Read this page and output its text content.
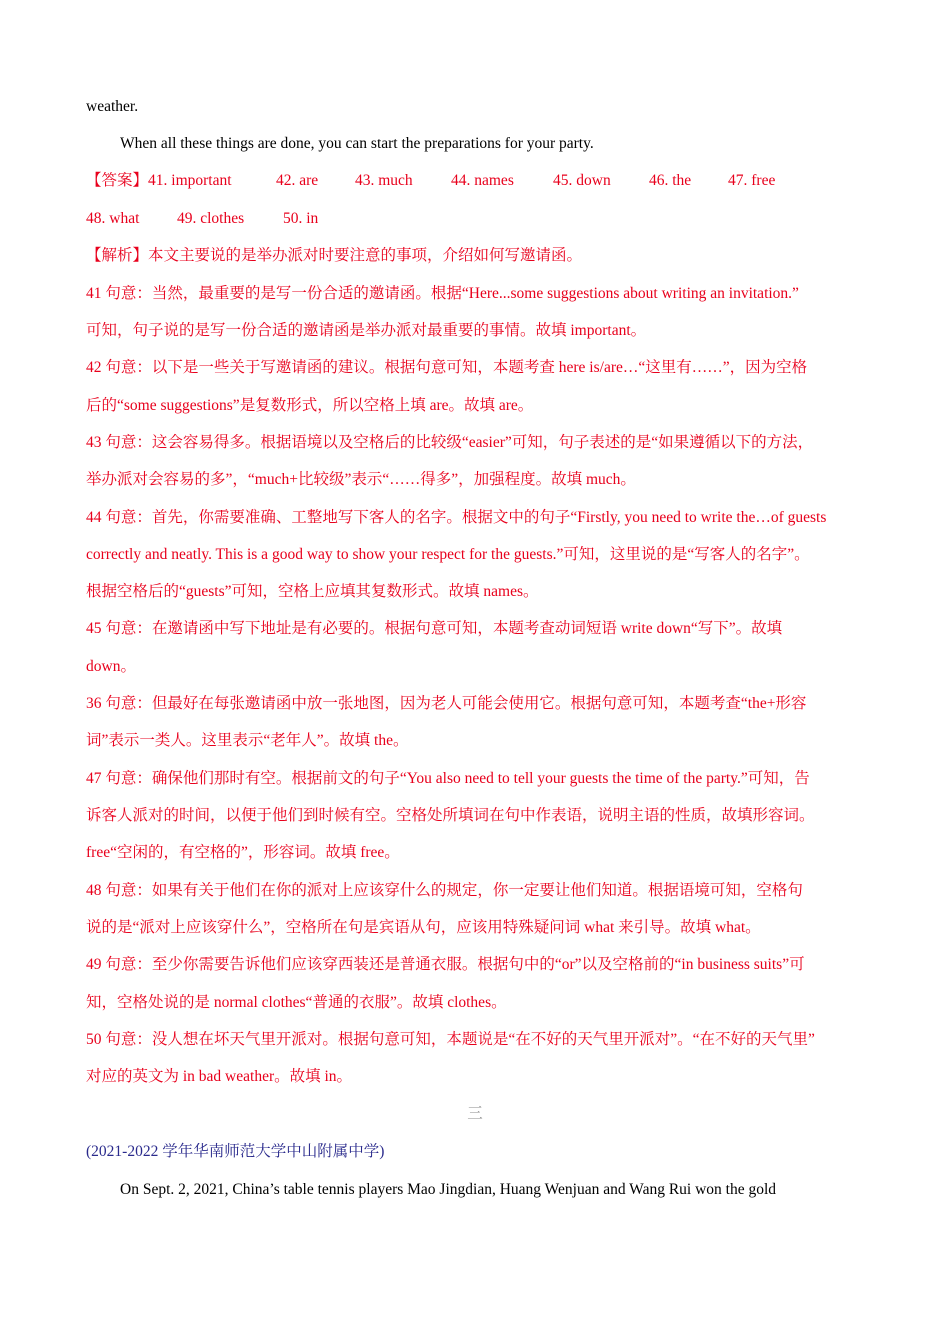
weather.
When all these things are done, you can start the preparations for your party.
【答案】41. important	42. are 43. much 44. names	45. down 46. the 47. free
48. what 49. clothes	50. in
【解析】本文主要说的是举办派对时要注意的事项，介绍如何写邀请函。
41 句意：当然，最重要的是写一份合适的邀请函。根据“Here...some suggestions about writing an invitation.”
可知，句子说的是写一份合适的邀请函是举办派对最重要的事情。故填 important。
42 句意：以下是一些关于写邀请函的建议。根据句意可知，本题考查 here is/are…“这里有……”，因为空格
后的“some suggestions”是复数形式，所以空格上填 are。故填 are。
43 句意：这会容易得多。根据语境以及空格后的比较级“easier”可知，句子表述的是“如果遵循以下的方法，
举办派对会容易的多”，“much+比较级”表示“……得多”，加强程度。故填 much。
44 句意：首先，你需要准确、工整地写下客人的名字。根据文中的句子“Firstly, you need to write the…of guests
correctly and neatly. This is a good way to show your respect for the guests.”可知，这里说的是“写客人的名字”。
根据空格后的“guests”可知，空格上应填其复数形式。故填 names。
45 句意：在邀请函中写下地址是有必要的。根据句意可知，本题考查动词短语 write down“写下”。故填
down。
36 句意：但最好在每张邀请函中放一张地图，因为老人可能会使用它。根据句意可知，本题考查“the+形容
词”表示一类人。这里表示“老年人”。故填 the。
47 句意：确保他们那时有空。根据前文的句子“You also need to tell your guests the time of the party.”可知，告
诉客人派对的时间，以便于他们到时候有空。空格处所填词在句中作表语，说明主语的性质，故填形容词。
free“空闲的，有空格的”，形容词。故填 free。
48 句意：如果有关于他们在你的派对上应该穿什么的规定，你一定要让他们知道。根据语境可知，空格句
说的是“派对上应该穿什么”，空格所在句是宾语从句，应该用特殊疑问词 what 来引导。故填 what。
49 句意：至少你需要告诉他们应该穿西装还是普通衣服。根据句中的“or”以及空格前的“in business suits”可
知，空格处说的是 normal clothes“普通的衣服”。故填 clothes。
50 句意：没人想在坏天气里开派对。根据句意可知，本题说是“在不好的天气里开派对”。“在不好的天气里”
对应的英文为 in bad weather。故填 in。
三
(2021-2022 学年华南师范大学中山附属中学)
On Sept. 2, 2021, China’s table tennis players Mao Jingdian, Huang Wenjuan and Wang Rui won the gold
